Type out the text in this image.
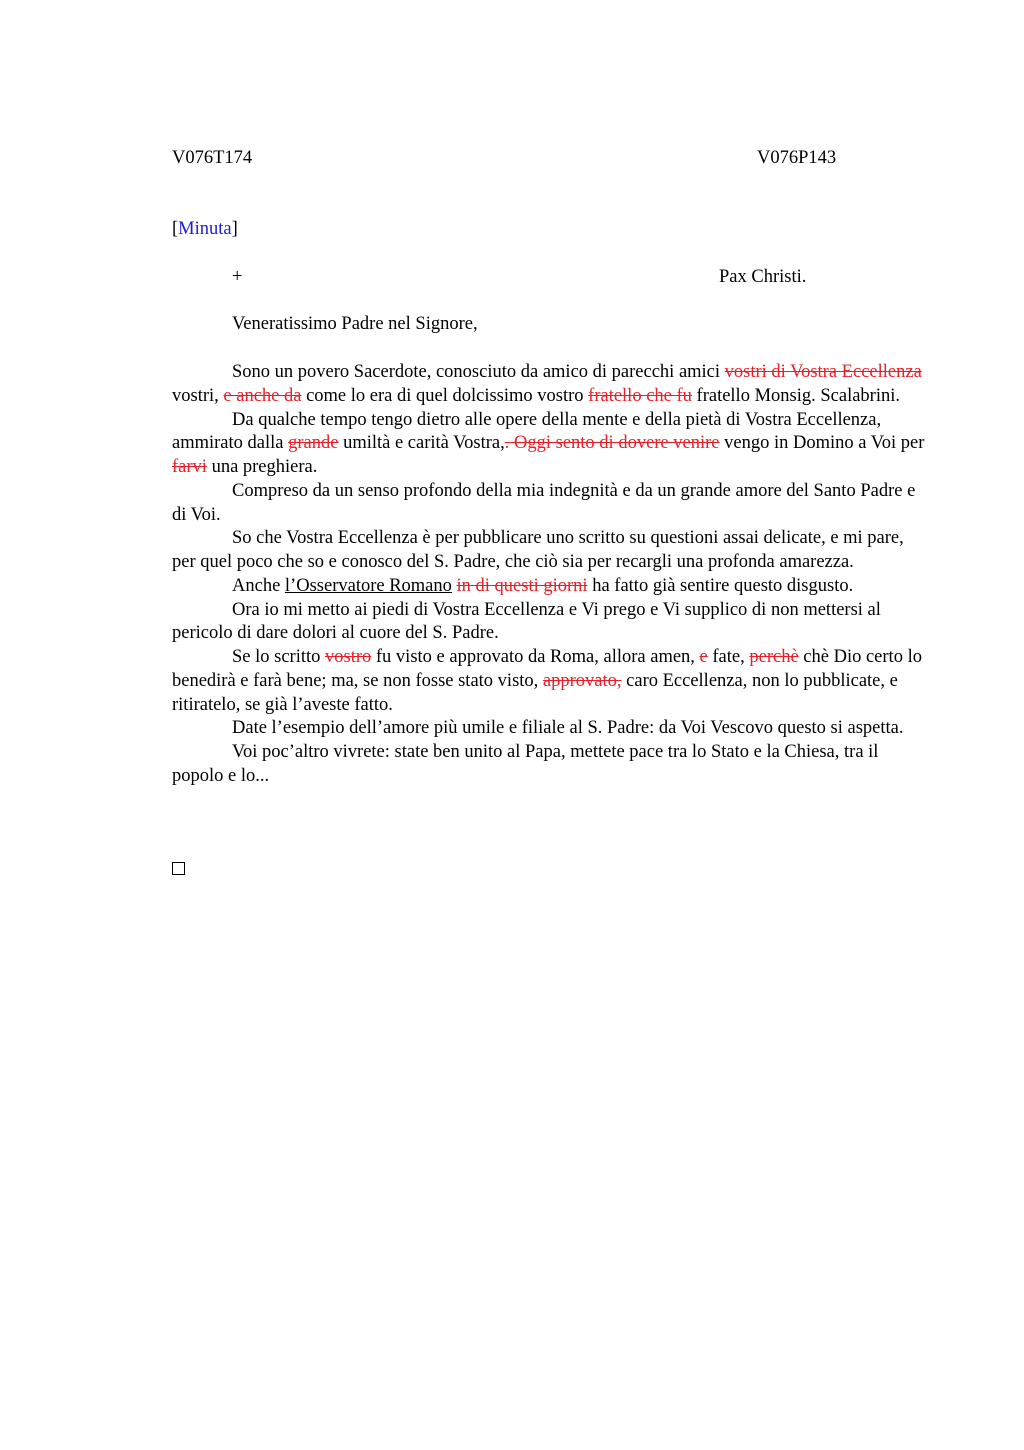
V076T174	V076P143
[Minuta]
+	Pax Christi.
Veneratissimo Padre nel Signore,

Sono un povero Sacerdote, conosciuto da amico di parecchi amici vostri di Vostra Eccellenza vostri, e anche da come lo era di quel dolcissimo vostro fratello che fu fratello Monsig. Scalabrini.

Da qualche tempo tengo dietro alle opere della mente e della pietà di Vostra Eccellenza, ammirato dalla grande umiltà e carità Vostra,. Oggi sento di dovere venire vengo in Domino a Voi per farvi una preghiera.

Compreso da un senso profondo della mia indegnità e da un grande amore del Santo Padre e di Voi.

So che Vostra Eccellenza è per pubblicare uno scritto su questioni assai delicate, e mi pare, per quel poco che so e conosco del S. Padre, che ciò sia per recargli una profonda amarezza.

Anche l’Osservatore Romano in di questi giorni ha fatto già sentire questo disgusto.

Ora io mi metto ai piedi di Vostra Eccellenza e Vi prego e Vi supplico di non mettersi al pericolo di dare dolori al cuore del S. Padre.

Se lo scritto vostro fu visto e approvato da Roma, allora amen, e fate, perchè chè Dio certo lo benedirà e farà bene; ma, se non fosse stato visto, approvato, caro Eccellenza, non lo pubblicate, e ritiratelo, se già l’aveste fatto.

Date l’esempio dell’amore più umile e filiale al S. Padre: da Voi Vescovo questo si aspetta.

Voi poc’altro vivrete: state ben unito al Papa, mettete pace tra lo Stato e la Chiesa, tra il popolo e lo...
